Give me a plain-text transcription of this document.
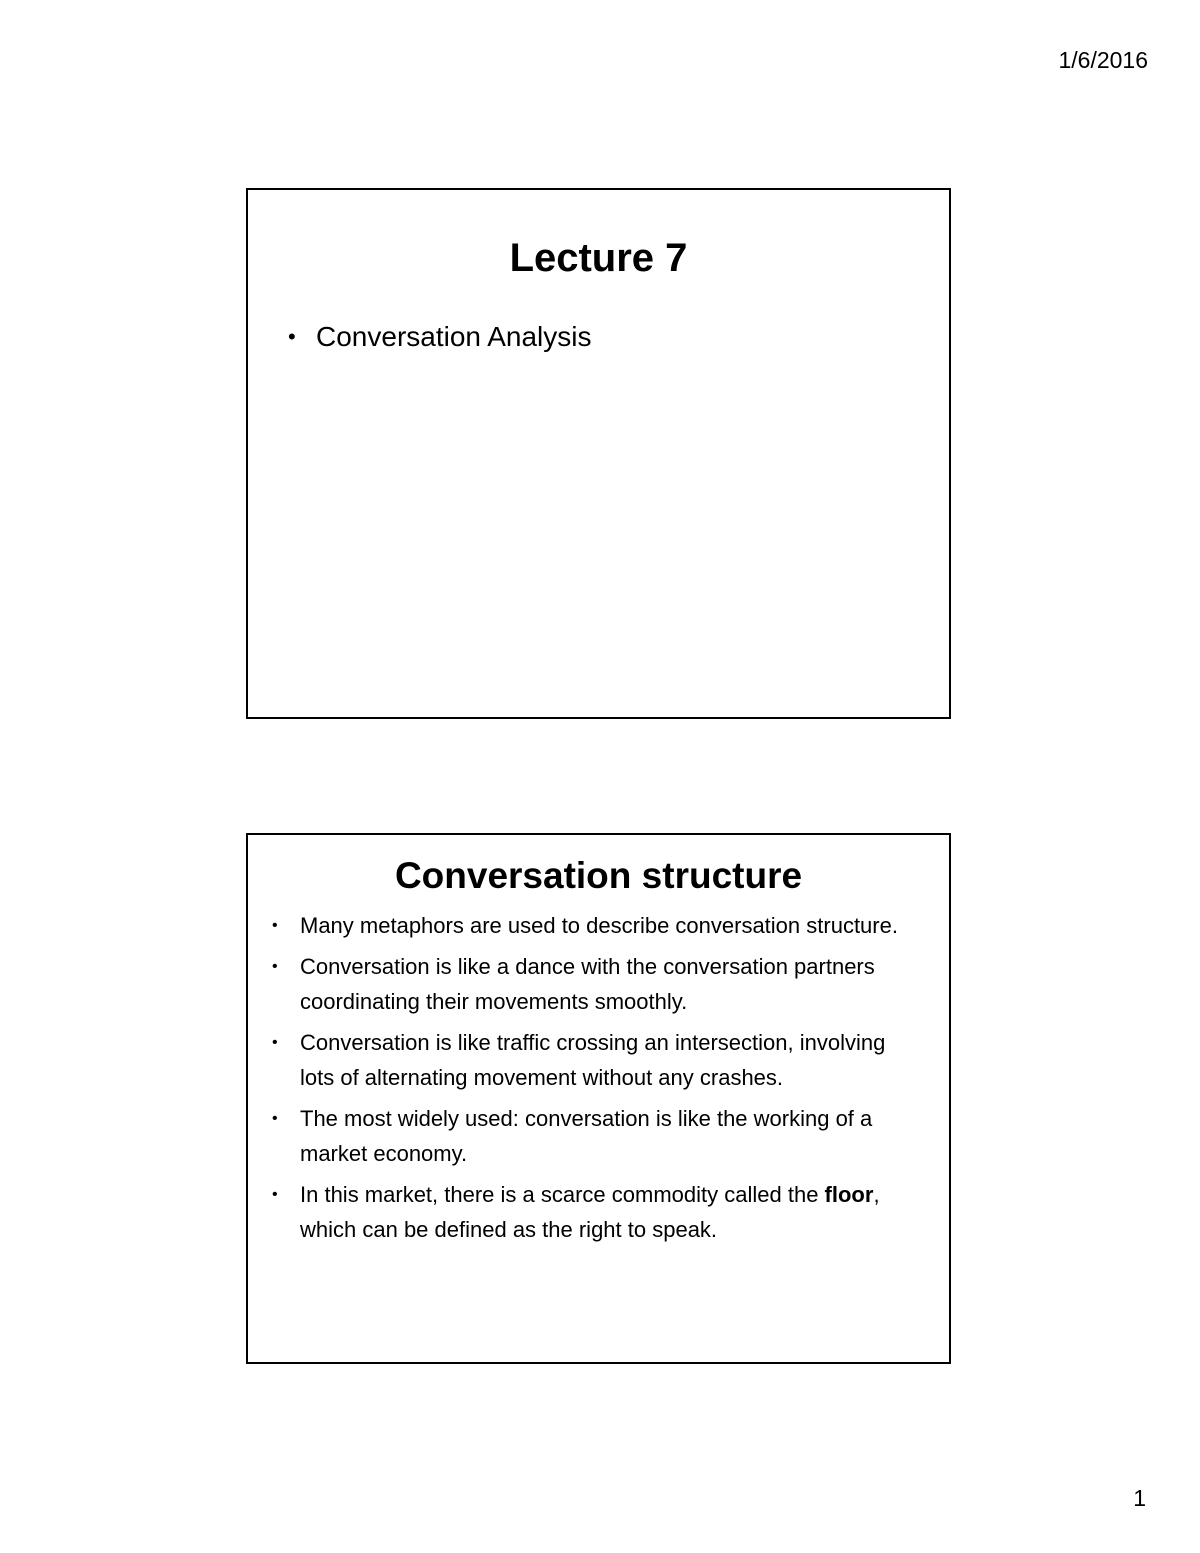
1/6/2016
Lecture 7
• Conversation Analysis
Conversation structure
• Many metaphors are used to describe conversation structure.
• Conversation is like a dance with the conversation partners coordinating their movements smoothly.
• Conversation is like traffic crossing an intersection, involving lots of alternating movement without any crashes.
• The most widely used: conversation is like the working of a market economy.
• In this market, there is a scarce commodity called the floor, which can be defined as the right to speak.
1
